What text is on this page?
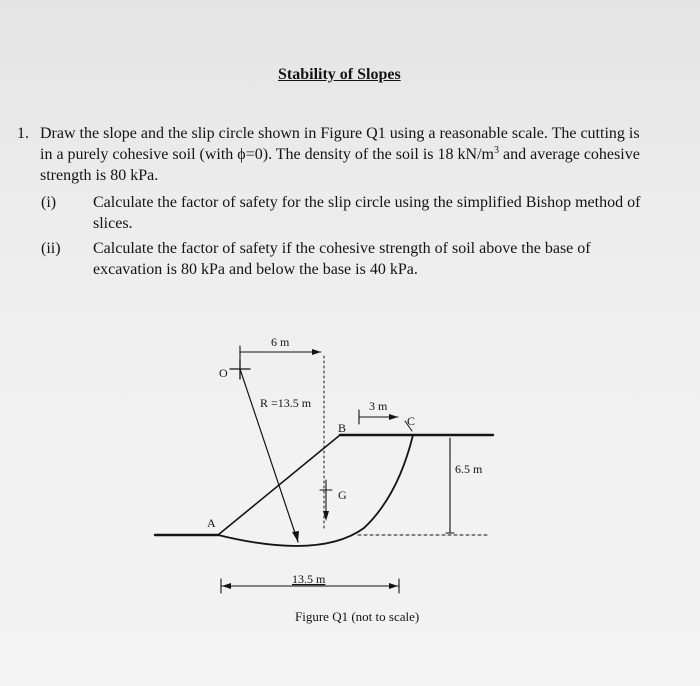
Stability of Slopes
1. Draw the slope and the slip circle shown in Figure Q1 using a reasonable scale. The cutting is
in a purely cohesive soil (with ϕ=0). The density of the soil is 18 $kN/m^3$ and average cohesive
strength is 80 kPa.
(i) Calculate the factor of safety for the slip circle using the simplified Bishop method of
slices.
(ii) Calculate the factor of safety if the cohesive strength of soil above the base of
excavation is 80 kPa and below the base is 40 kPa.
6 m
O
R =13.5 m	3 m
B	C
6.5 m
G
A
13.5 m
Figure Q1 (not to scale)
